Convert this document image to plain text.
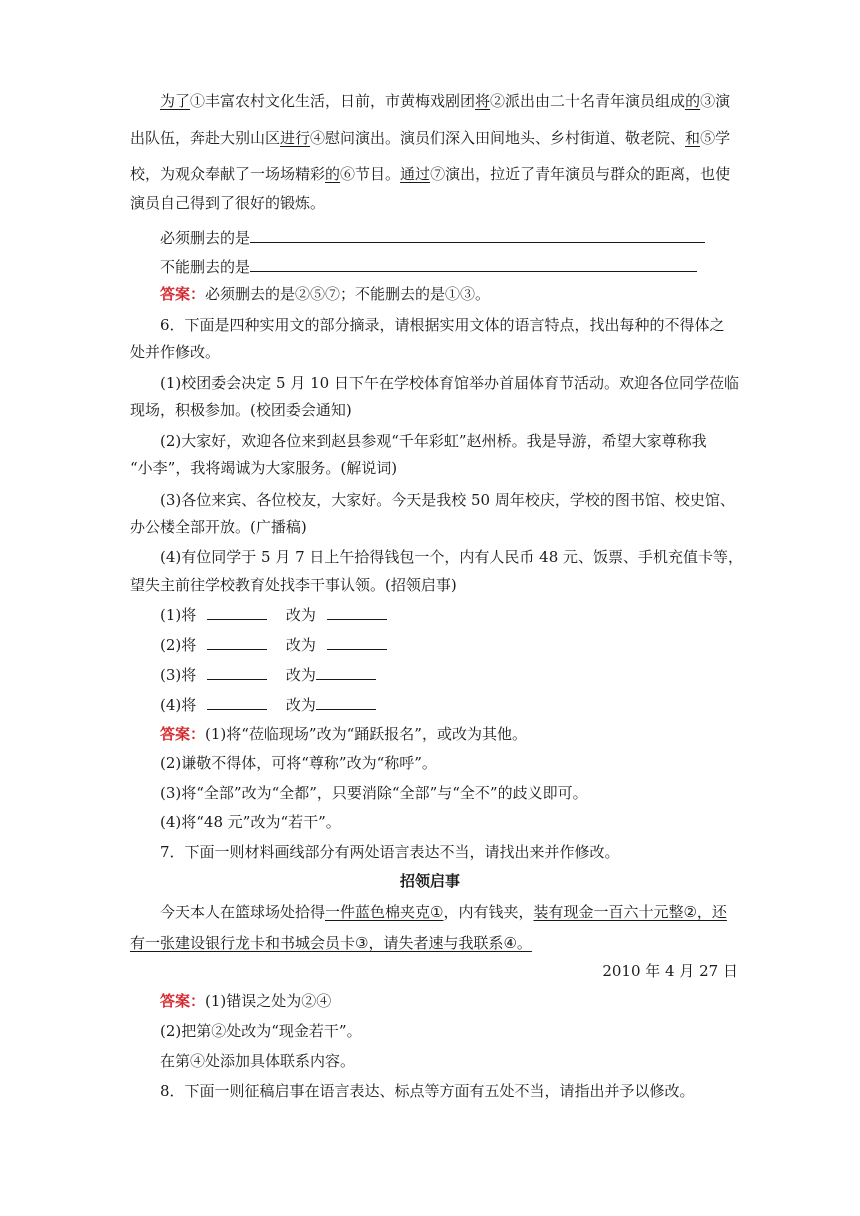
为了①丰富农村文化生活，日前，市黄梅戏剧团将②派出由二十名青年演员组成的③演
出队伍，奔赴大别山区进行④慰问演出。演员们深入田间地头、乡村街道、敬老院、和⑤学
校，为观众奉献了一场场精彩的⑥节目。通过⑦演出，拉近了青年演员与群众的距离，也使
演员自己得到了很好的锻炼。
必须删去的是
不能删去的是
答案：必须删去的是②⑤⑦；不能删去的是①③。
6．下面是四种实用文的部分摘录，请根据实用文体的语言特点，找出每种的不得体之
处并作修改。
(1)校团委会决定 5 月 10 日下午在学校体育馆举办首届体育节活动。欢迎各位同学莅临
现场，积极参加。(校团委会通知)
(2)大家好，欢迎各位来到赵县参观“千年彩虹”赵州桥。我是导游，希望大家尊称我
“小李”，我将竭诚为大家服务。(解说词)
(3)各位来宾、各位校友，大家好。今天是我校 50 周年校庆，学校的图书馆、校史馆、
办公楼全部开放。(广播稿)
(4)有位同学于 5 月 7 日上午拾得钱包一个，内有人民币 48 元、饭票、手机充值卡等，
望失主前往学校教育处找李干事认领。(招领启事)
(1)将	改为
(2)将	改为
(3)将	改为
(4)将	改为
答案：(1)将“莅临现场”改为“踊跃报名”，或改为其他。
(2)谦敬不得体，可将“尊称”改为“称呼”。
(3)将“全部”改为“全都”，只要消除“全部”与“全不”的歧义即可。
(4)将“48 元”改为“若干”。
7．下面一则材料画线部分有两处语言表达不当，请找出来并作修改。
招领启事
今天本人在篮球场处拾得一件蓝色棉夹克①，内有钱夹，装有现金一百六十元整②，还
有一张建设银行龙卡和书城会员卡③，请失者速与我联系④。
2010 年 4 月 27 日
答案：(1)错误之处为②④
(2)把第②处改为“现金若干”。
在第④处添加具体联系内容。
8．下面一则征稿启事在语言表达、标点等方面有五处不当，请指出并予以修改。
